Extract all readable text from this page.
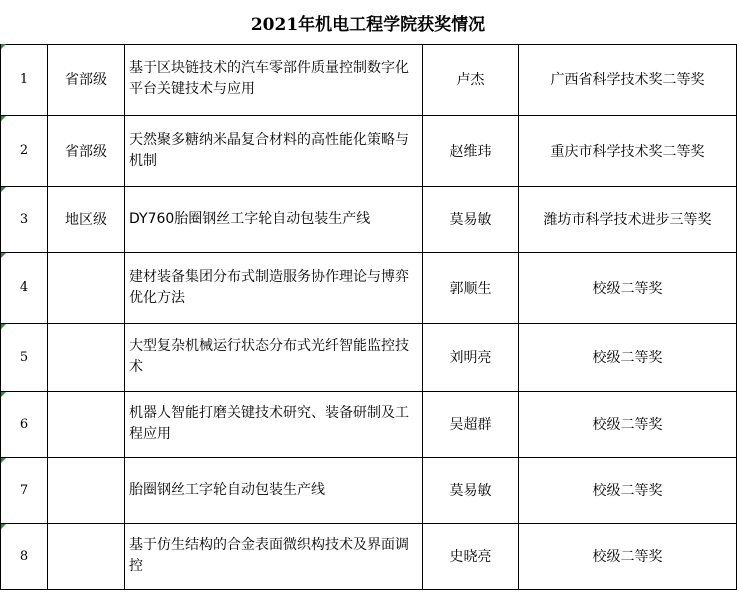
2021年机电工程学院获奖情况
1	省部级	基于区块链技术的汽车零部件质量控制数字化平台关键技术与应用	卢杰	广西省科学技术奖二等奖
2	省部级	天然聚多糖纳米晶复合材料的高性能化策略与机制	赵维玮	重庆市科学技术奖二等奖
3	地区级	DY760胎圈钢丝工字轮自动包装生产线	莫易敏	潍坊市科学技术进步三等奖
4		建材装备集团分布式制造服务协作理论与博弈优化方法	郭顺生	校级二等奖
5		大型复杂机械运行状态分布式光纤智能监控技术	刘明亮	校级二等奖
6		机器人智能打磨关键技术研究、装备研制及工程应用	吴超群	校级二等奖
7		胎圈钢丝工字轮自动包装生产线	莫易敏	校级二等奖
8		基于仿生结构的合金表面微织构技术及界面调控	史晓亮	校级二等奖
